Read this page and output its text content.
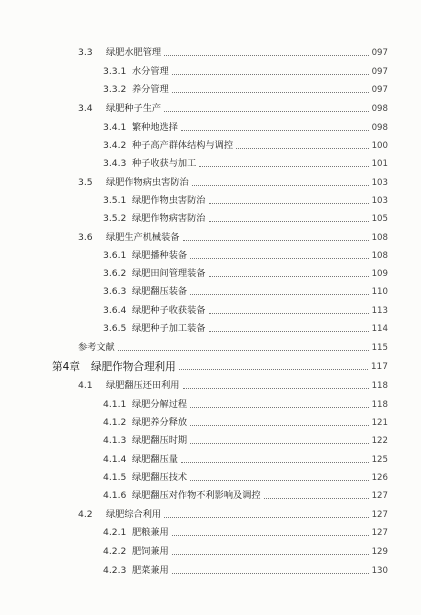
3.3	绿肥水肥管理	097
3.3.1 水分管理	097
3.3.2 养分管理	097
3.4	绿肥种子生产	098
3.4.1 繁种地选择	098
3.4.2 种子高产群体结构与调控	100
3.4.3 种子收获与加工	101
3.5	绿肥作物病虫害防治	103
3.5.1 绿肥作物虫害防治	103
3.5.2 绿肥作物病害防治	105
3.6	绿肥生产机械装备	108
3.6.1 绿肥播种装备	108
3.6.2 绿肥田间管理装备	109
3.6.3 绿肥翻压装备	110
3.6.4 绿肥种子收获装备	113
3.6.5 绿肥种子加工装备	114
参考文献	115
第4章 绿肥作物合理利用	117
4.1	绿肥翻压还田利用	118
4.1.1 绿肥分解过程	118
4.1.2 绿肥养分释放	121
4.1.3 绿肥翻压时期	122
4.1.4 绿肥翻压量	125
4.1.5 绿肥翻压技术	126
4.1.6 绿肥翻压对作物不利影响及调控	127
4.2	绿肥综合利用	127
4.2.1 肥粮兼用	127
4.2.2 肥饲兼用	129
4.2.3 肥菜兼用	130
